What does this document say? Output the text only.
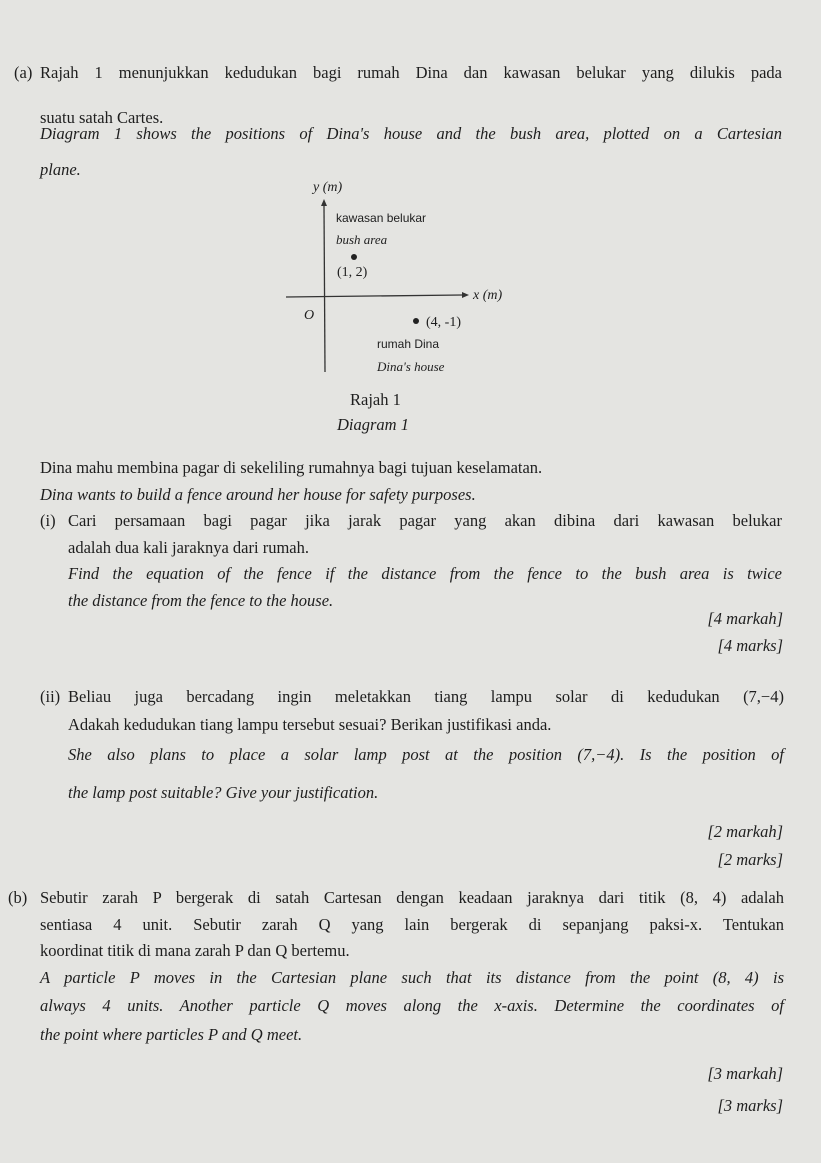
(a) Rajah 1 menunjukkan kedudukan bagi rumah Dina dan kawasan belukar yang dilukis pada
suatu satah Cartes.
Diagram 1 shows the positions of Dina's house and the bush area, plotted on a Cartesian
plane.
y (m)
x (m)
O
kawasan belukar
bush area
(1, 2)
(4, -1)
rumah Dina
Dina's house
Rajah 1
Diagram 1
Dina mahu membina pagar di sekeliling rumahnya bagi tujuan keselamatan.
Dina wants to build a fence around her house for safety purposes.
(i) Cari persamaan bagi pagar jika jarak pagar yang akan dibina dari kawasan belukar
adalah dua kali jaraknya dari rumah.
Find the equation of the fence if the distance from the fence to the bush area is twice
the distance from the fence to the house.
[4 markah]
[4 marks]
(ii) Beliau juga bercadang ingin meletakkan tiang lampu solar di kedudukan (7,−4)
Adakah kedudukan tiang lampu tersebut sesuai? Berikan justifikasi anda.
She also plans to place a solar lamp post at the position (7,−4). Is the position of
the lamp post suitable? Give your justification.
[2 markah]
[2 marks]
(b) Sebutir zarah P bergerak di satah Cartesan dengan keadaan jaraknya dari titik (8, 4) adalah
sentiasa 4 unit. Sebutir zarah Q yang lain bergerak di sepanjang paksi-x. Tentukan
koordinat titik di mana zarah P dan Q bertemu.
A particle P moves in the Cartesian plane such that its distance from the point (8, 4) is
always 4 units. Another particle Q moves along the x-axis. Determine the coordinates of
the point where particles P and Q meet.
[3 markah]
[3 marks]
